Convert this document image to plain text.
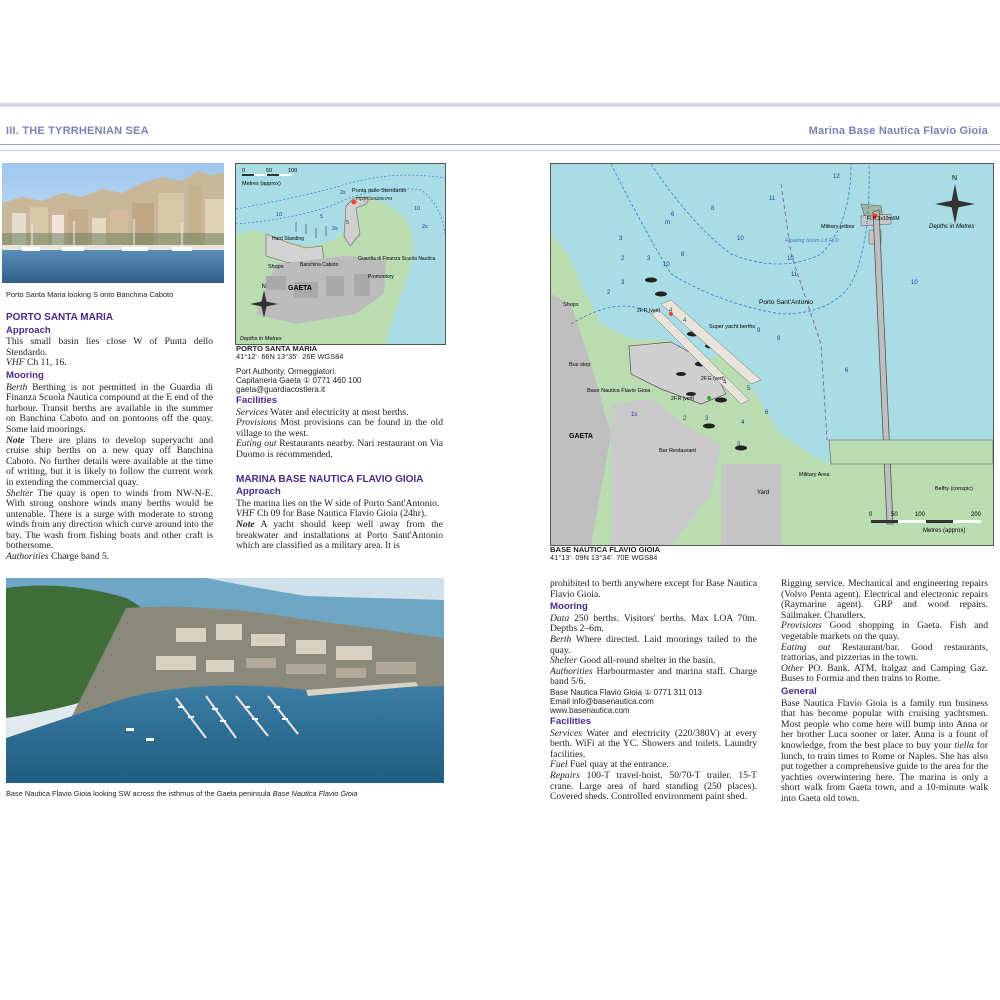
III. THE TYRRHENIAN SEA	Marina Base Nautica Flavio Gioia
Porto Santa Maria looking S onto Banchina Caboto
N
0	50	100
Metres (approx)
Punta dello Stendardo
Fl(2)R.10s20m7M
Hard Standing
Banchina Caboto
Guardia di Finanza Scuola Nautica
Promontory
Shops
GAETA
Depths in Metres
10
10
2s
5
5
2s
2s
PORTO SANTA MARIA
41°12'· 66N 13°35'· 26E WGS84
PORTO SANTA MARIA
Approach

This small basin lies close W of Punta dello Stendardo.

VHF Ch 11, 16.

Mooring

Berth Berthing is not permitted in the Guardia di Finanza Scuola Nautica compound at the E end of the harbour. Transit berths are available in the summer on Banchina Caboto and on pontoons off the quay. Some laid moorings.

Note There are plans to develop superyacht and cruise ship berths on a new quay off Banchina Caboto. No further details were available at the time of writing, but it is likely to follow the current work in extending the commercial quay.

Shelter The quay is open to winds from NW-N-E. With strong onshore winds many berths would be untenable. There is a surge with moderate to strong winds from any direction which curve around into the bay. The wash from fishing boats and other craft is bothersome.

Authorities Charge band 5.

Port Authority. Ormeggiatori.
Capitaneria Gaeta ① 0771 460 100
gaeta@guardiacostiera.it
Facilities

Services Water and electricity at most berths.

Provisions Most provisions can be found in the old village to the west.

Eating out Restaurants nearby. Nari restaurant on Via Duomo is recommended.

MARINA BASE NAUTICA FLAVIO GIOIA
Approach

The marina lies on the W side of Porto Sant'Antonio.

VHF Ch 09 for Base Nautica Flavio Gioia (24hr).

Note A yacht should keep well away from the breakwater and installations at Porto Sant'Antonio which are classified as a military area. It is

Base Nautica Flavio Gioia looking SW across the isthmus of the Gaeta peninsula Base Nautica Flavio Gioia
N
0	50	100	200
Metres (approx)
Depths in Metres
Fl.R.3s10m6M
Military jetties
Floating boom Lit FLR
Porto Sant'Antonio
Super yacht berths
Shops
Bus stop
Base Nautica Flavio Gioia
GAETA
Bar Restaurant
Yard
Military Area
Belfry (conspic)
2F.R (vert)
2F.G (vert)
2F.R (vert)
12
8
6
m
11
10
10
8
3
3
2
4
4
3
2
11
10
9
8
6
6
5
4
4
3
3
2
1s
10
BASE NAUTICA FLAVIO GIOIA
41°13'· 09N 13°34'· 70E WGS84

prohibited to berth anywhere except for Base Nautica Flavio Gioia.

Mooring

Data 250 berths. Visitors' berths. Max LOA 70m. Depths 2–6m.

Berth Where directed. Laid moorings tailed to the quay.

Shelter Good all-round shelter in the basin.

Authorities Harbourmaster and marina staff. Charge band 5/6.

Base Nautica Flavio Gioia ① 0771 311 013
Email info@basenautica.com
www.basenautica.com
Facilities

Services Water and electricity (220/380V) at every berth. WiFi at the YC. Showers and toilets. Laundry facilities.

Fuel Fuel quay at the entrance.

Repairs 100-T travel-hoist. 50/70-T trailer. 15-T crane. Large area of hard standing (250 places). Covered sheds. Controlled environment paint shed.

Rigging service. Mechanical and engineering repairs (Volvo Penta agent). Electrical and electronic repairs (Raymarine agent). GRP and wood repairs. Sailmaker. Chandlers.

Provisions Good shopping in Gaeta. Fish and vegetable markets on the quay.

Eating out Restaurant/bar. Good restaurants, trattorias, and pizzerias in the town.

Other PO. Bank. ATM. Italgaz and Camping Gaz. Buses to Formia and then trains to Rome.

General

Base Nautica Flavio Gioia is a family run business that has become popular with cruising yachtsmen. Most people who come here will bump into Anna or her brother Luca sooner or later. Anna is a fount of knowledge, from the best place to buy your tiella for lunch, to train times to Rome or Naples. She has also put together a comprehensive guide to the area for the yachties overwintering here. The marina is only a short walk from Gaeta town, and a 10-minute walk into Gaeta old town.
